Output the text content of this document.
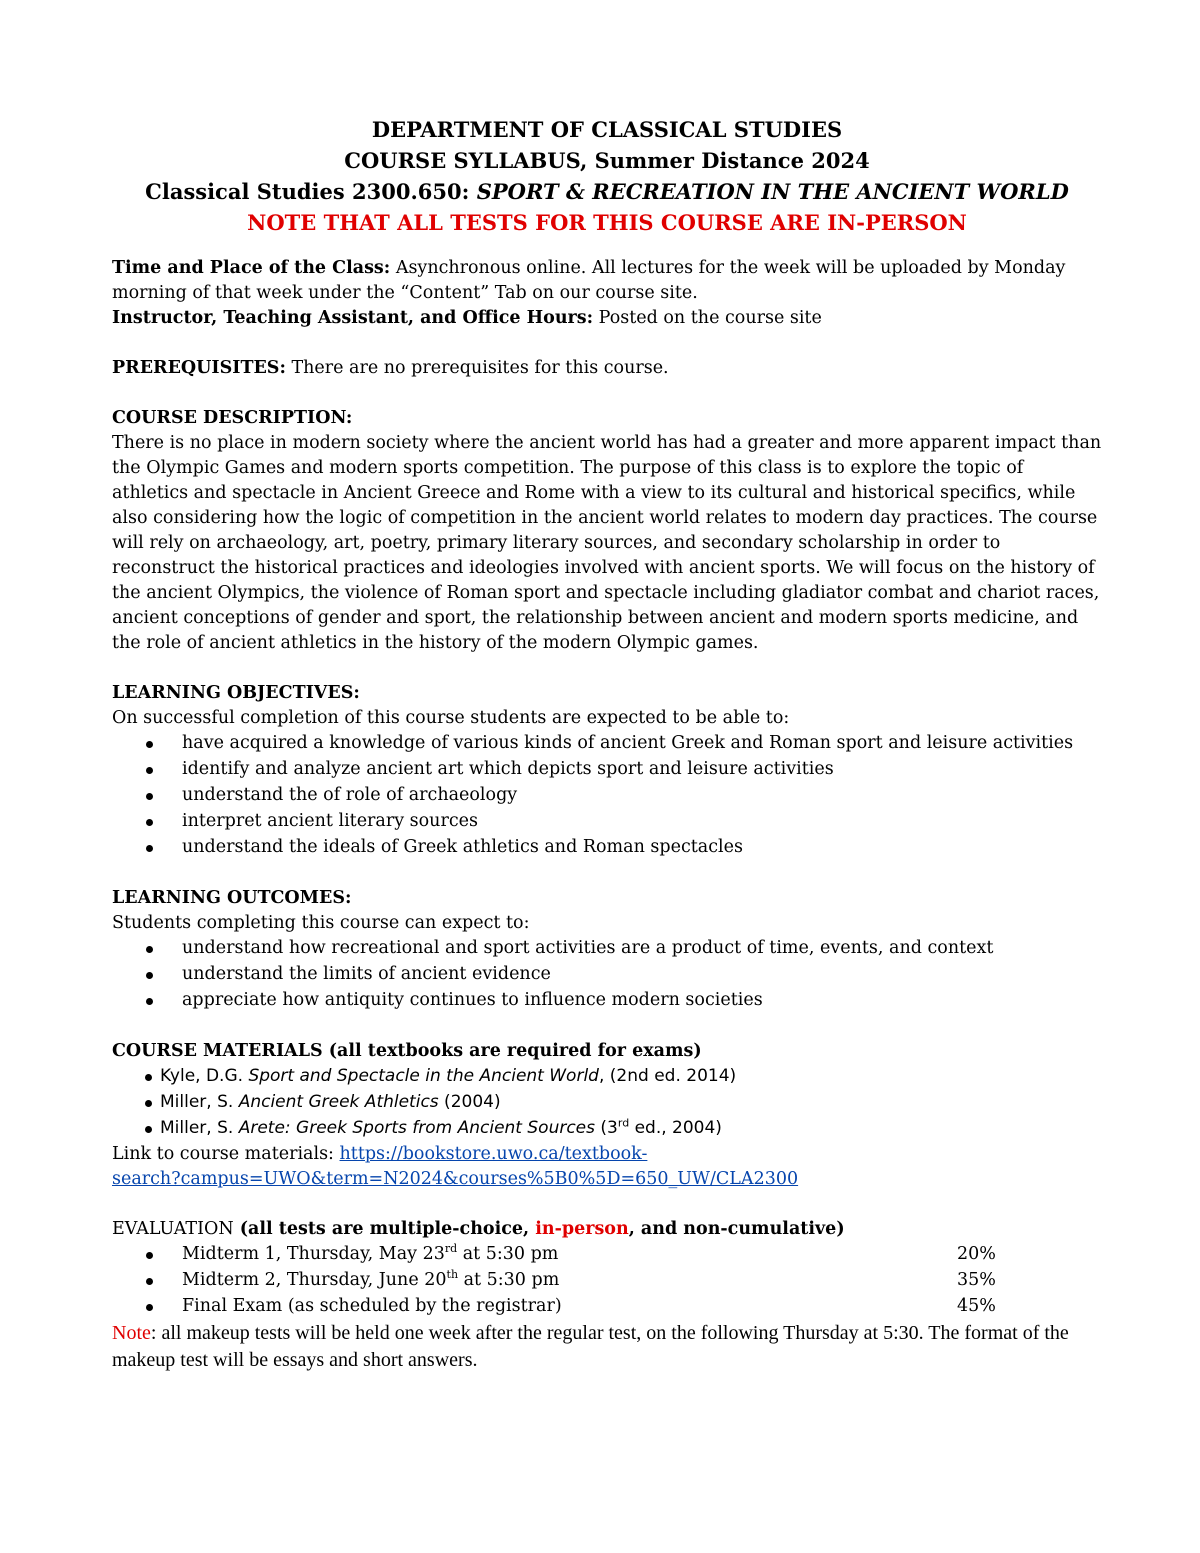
DEPARTMENT OF CLASSICAL STUDIES
COURSE SYLLABUS, Summer Distance 2024
Classical Studies 2300.650: SPORT & RECREATION IN THE ANCIENT WORLD
NOTE THAT ALL TESTS FOR THIS COURSE ARE IN-PERSON

Time and Place of the Class: Asynchronous online. All lectures for the week will be uploaded by Monday morning of that week under the “Content” Tab on our course site.

Instructor, Teaching Assistant, and Office Hours: Posted on the course site

PREREQUISITES: There are no prerequisites for this course.

COURSE DESCRIPTION:

There is no place in modern society where the ancient world has had a greater and more apparent impact than the Olympic Games and modern sports competition. The purpose of this class is to explore the topic of athletics and spectacle in Ancient Greece and Rome with a view to its cultural and historical specifics, while also considering how the logic of competition in the ancient world relates to modern day practices. The course will rely on archaeology, art, poetry, primary literary sources, and secondary scholarship in order to reconstruct the historical practices and ideologies involved with ancient sports. We will focus on the history of the ancient Olympics, the violence of Roman sport and spectacle including gladiator combat and chariot races, ancient conceptions of gender and sport, the relationship between ancient and modern sports medicine, and the role of ancient athletics in the history of the modern Olympic games.

LEARNING OBJECTIVES:

On successful completion of this course students are expected to be able to:

have acquired a knowledge of various kinds of ancient Greek and Roman sport and leisure activities
identify and analyze ancient art which depicts sport and leisure activities
understand the of role of archaeology
interpret ancient literary sources
understand the ideals of Greek athletics and Roman spectacles

LEARNING OUTCOMES:

Students completing this course can expect to:

understand how recreational and sport activities are a product of time, events, and context
understand the limits of ancient evidence
appreciate how antiquity continues to influence modern societies

COURSE MATERIALS (all textbooks are required for exams)

Kyle, D.G. Sport and Spectacle in the Ancient World, (2nd ed. 2014)
Miller, S. Ancient Greek Athletics (2004)
Miller, S. Arete: Greek Sports from Ancient Sources (3rd ed., 2004)

Link to course materials: https://bookstore.uwo.ca/textbook-
search?campus=UWO&term=N2024&courses%5B0%5D=650_UW/CLA2300

EVALUATION (all tests are multiple-choice, in-person, and non-cumulative)

Midterm 1, Thursday, May 23rd at 5:30 pm	20%
Midterm 2, Thursday, June 20th at 5:30 pm	35%
Final Exam (as scheduled by the registrar)	45%

Note: all makeup tests will be held one week after the regular test, on the following Thursday at 5:30. The format of the makeup test will be essays and short answers.
